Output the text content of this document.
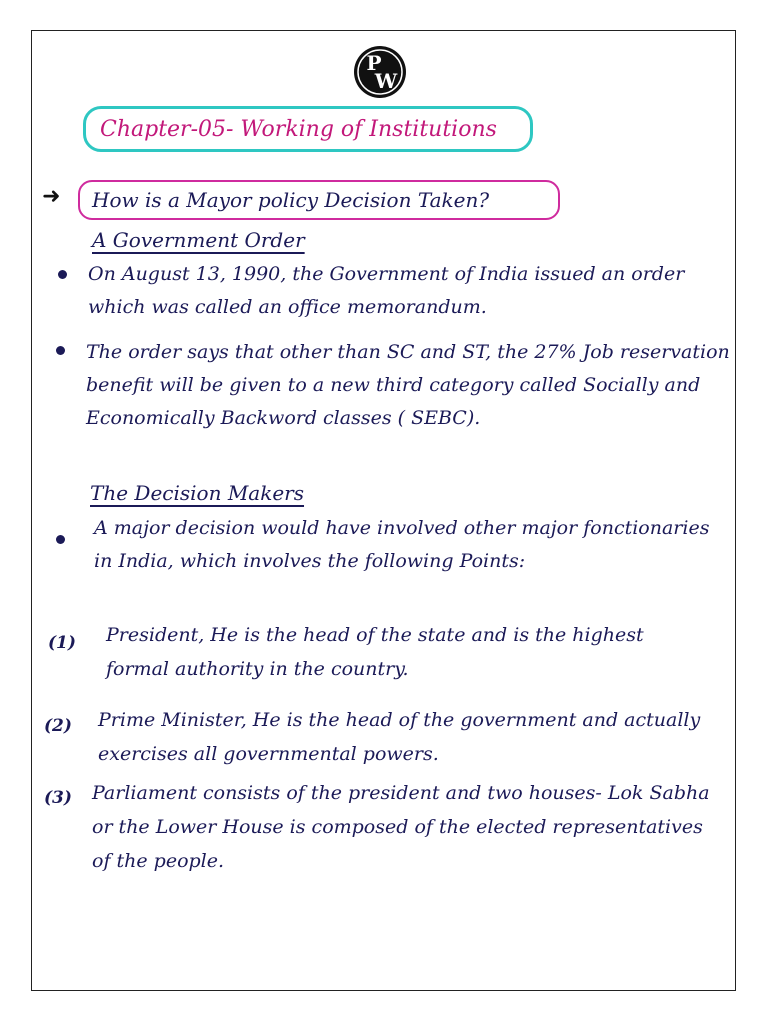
P
W
Chapter-05- Working of Institutions
➜ How is a Mayor policy Decision Taken?
A Government Order
On August 13, 1990, the Government of India issued an order which was called an office memorandum.
The order says that other than SC and ST, the 27% Job reservation benefit will be given to a new third category called Socially and Economically Backword classes ( SEBC).
The Decision Makers
A major decision would have involved other major fonctionaries in India, which involves the following Points:
(1) President, He is the head of the state and is the highest formal authority in the country.
(2) Prime Minister, He is the head of the government and actually exercises all governmental powers.
(3) Parliament consists of the president and two houses- Lok Sabha or the Lower House is composed of the elected representatives of the people.
